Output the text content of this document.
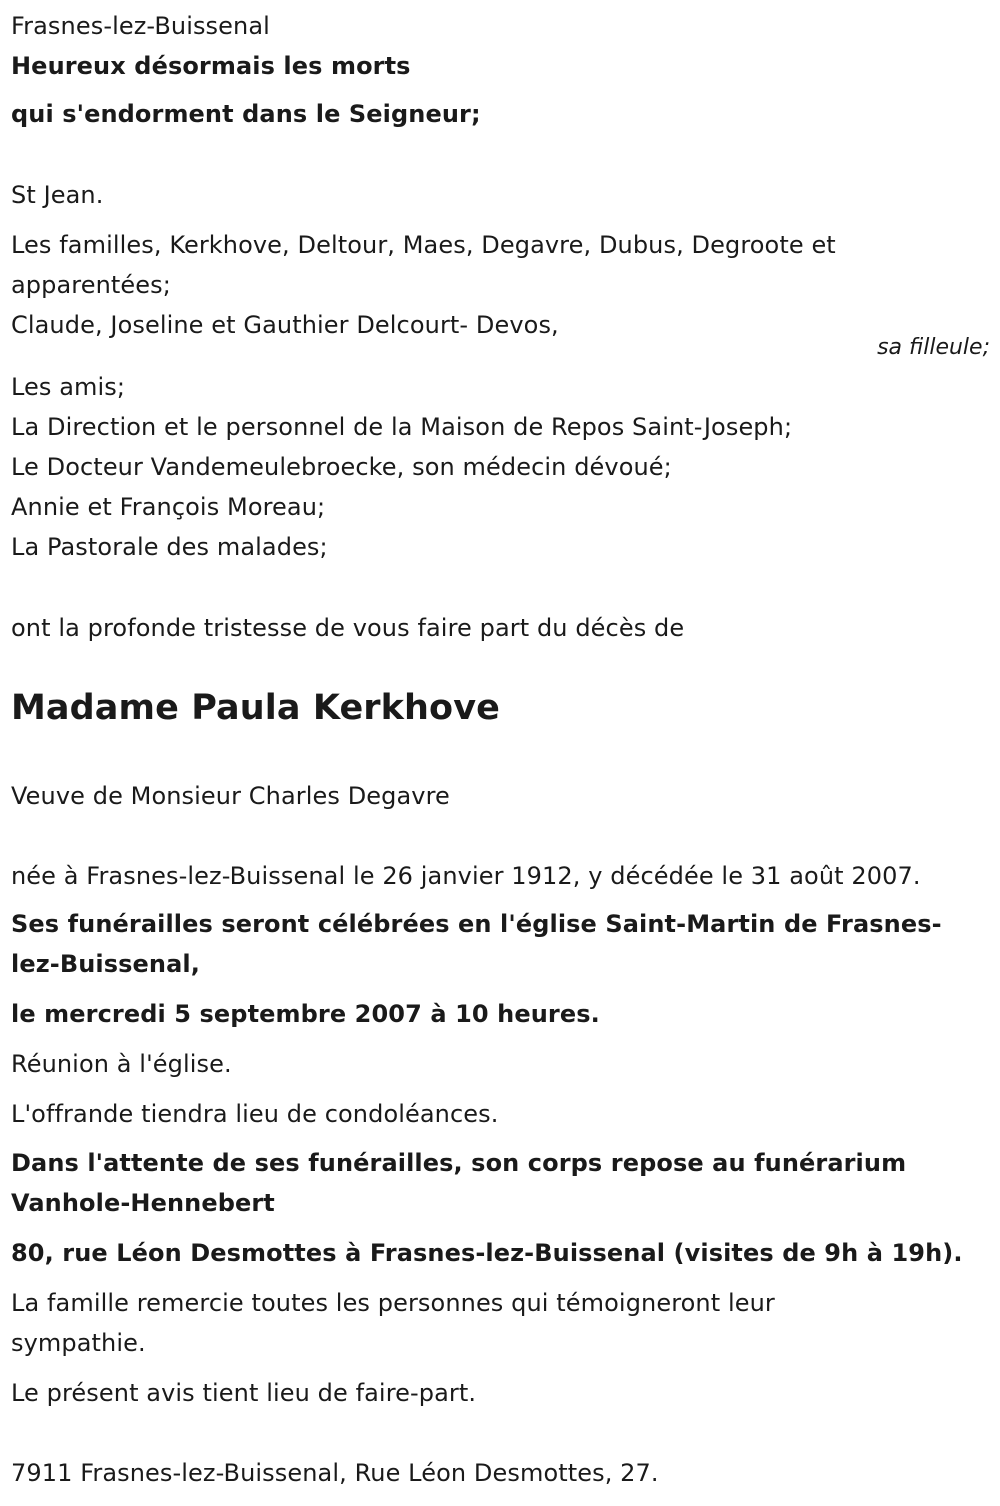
Frasnes-lez-Buissenal
Heureux désormais les morts
qui s'endorment dans le Seigneur;
St Jean.
Les familles, Kerkhove, Deltour, Maes, Degavre, Dubus, Degroote et
apparentées;
Claude, Joseline et Gauthier Delcourt- Devos,
sa filleule;
Les amis;
La Direction et le personnel de la Maison de Repos Saint-Joseph;
Le Docteur Vandemeulebroecke, son médecin dévoué;
Annie et François Moreau;
La Pastorale des malades;
ont la profonde tristesse de vous faire part du décès de
Madame Paula Kerkhove
Veuve de Monsieur Charles Degavre
née à Frasnes-lez-Buissenal le 26 janvier 1912, y décédée le 31 août 2007.
Ses funérailles seront célébrées en l'église Saint-Martin de Frasnes-
lez-Buissenal,
le mercredi 5 septembre 2007 à 10 heures.
Réunion à l'église.
L'offrande tiendra lieu de condoléances.
Dans l'attente de ses funérailles, son corps repose au funérarium
Vanhole-Hennebert
80, rue Léon Desmottes à Frasnes-lez-Buissenal (visites de 9h à 19h).
La famille remercie toutes les personnes qui témoigneront leur
sympathie.
Le présent avis tient lieu de faire-part.
7911 Frasnes-lez-Buissenal, Rue Léon Desmottes, 27.
